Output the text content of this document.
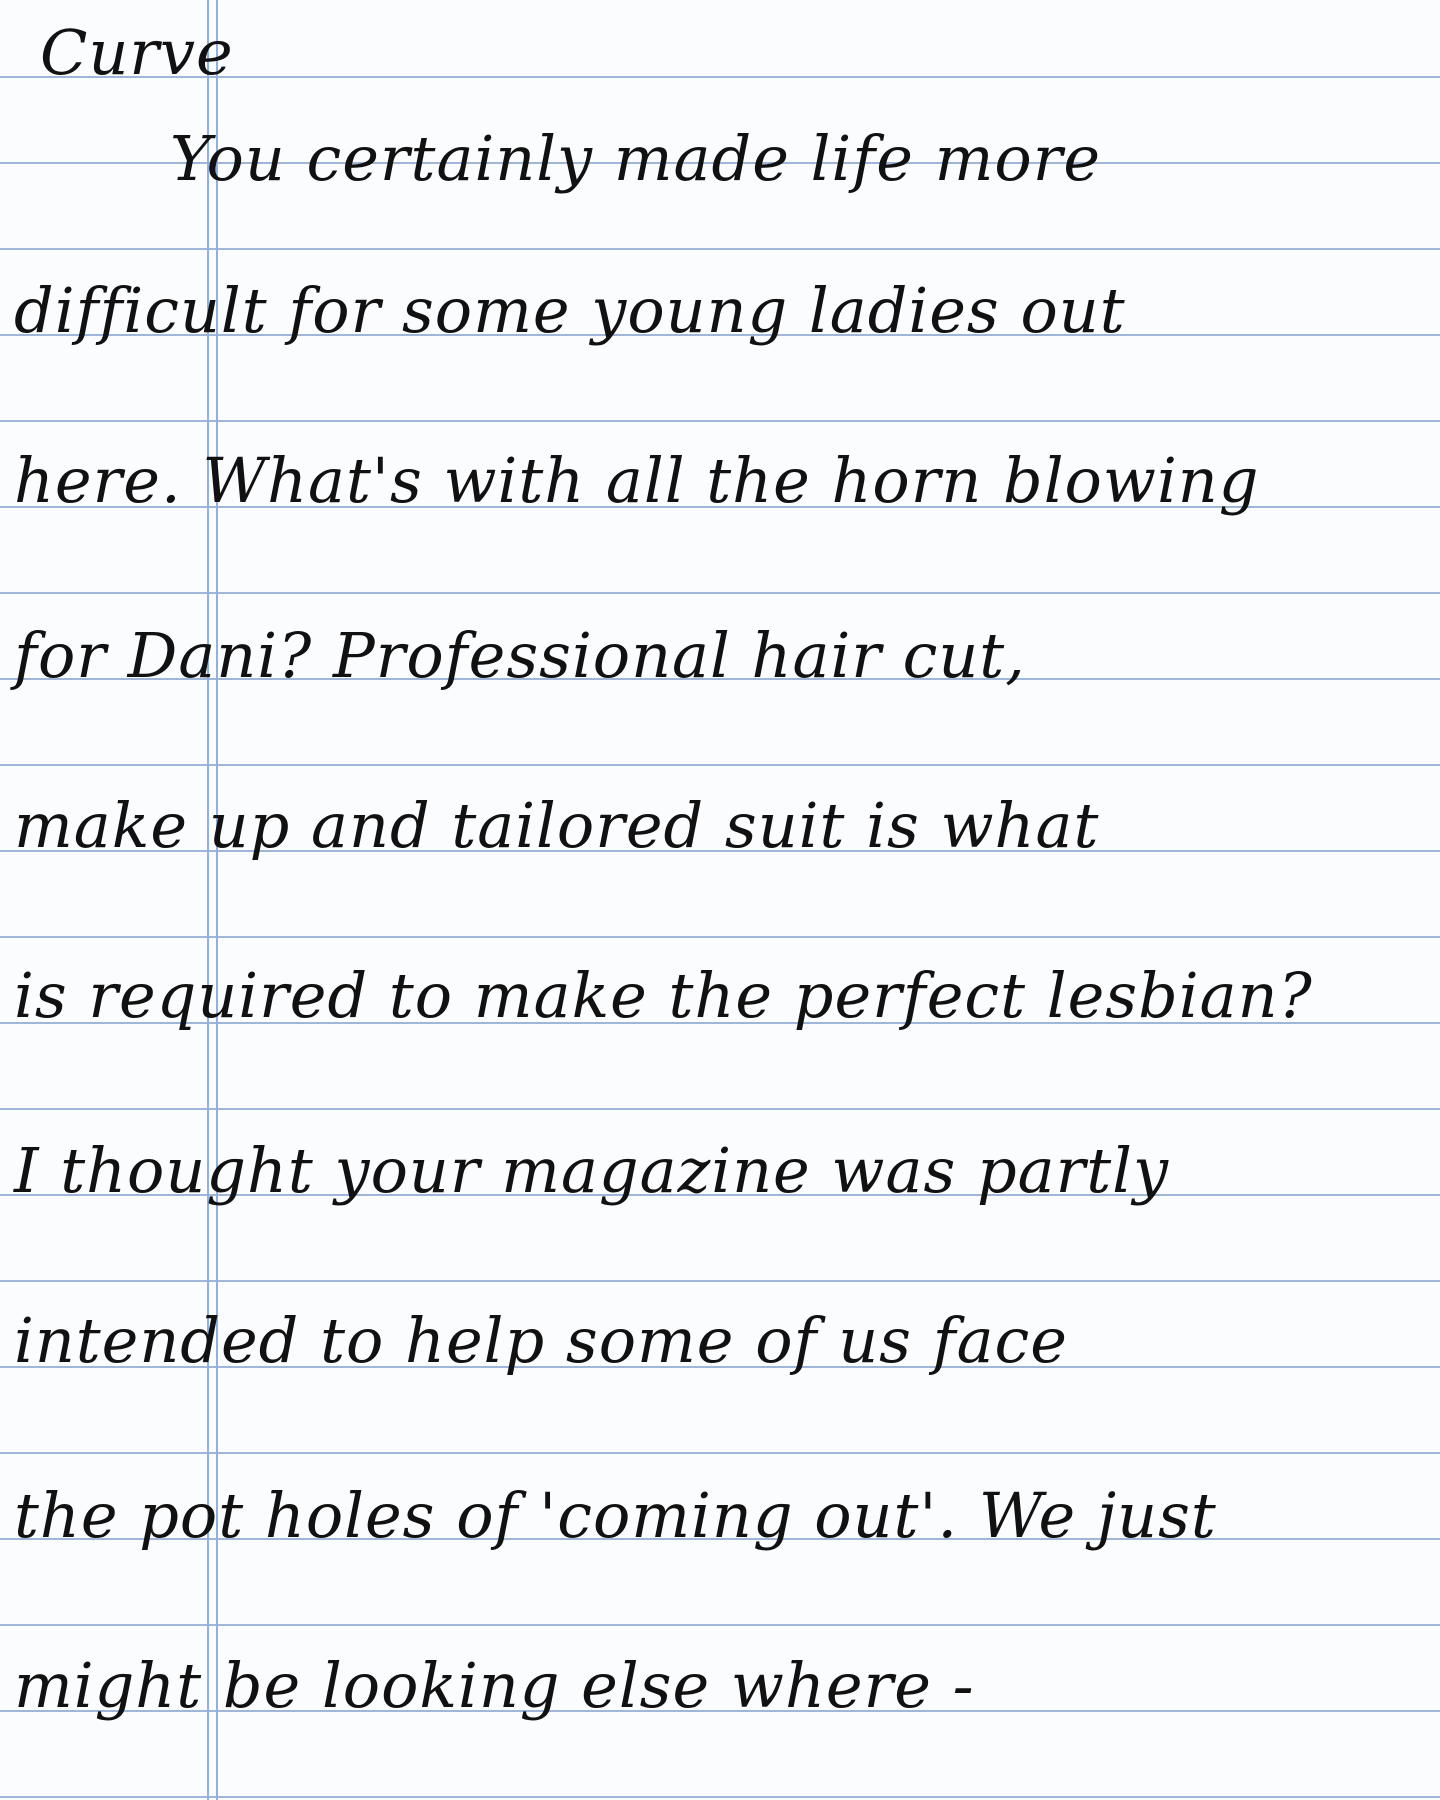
Curve
You certainly made life more
difficult for some young ladies out
here. What's with all the horn blowing
for Dani? Professional hair cut,
make up and tailored suit is what
is required to make the perfect lesbian?
I thought your magazine was partly
intended to help some of us face
the pot holes of 'coming out'. We just
might be looking else where -
